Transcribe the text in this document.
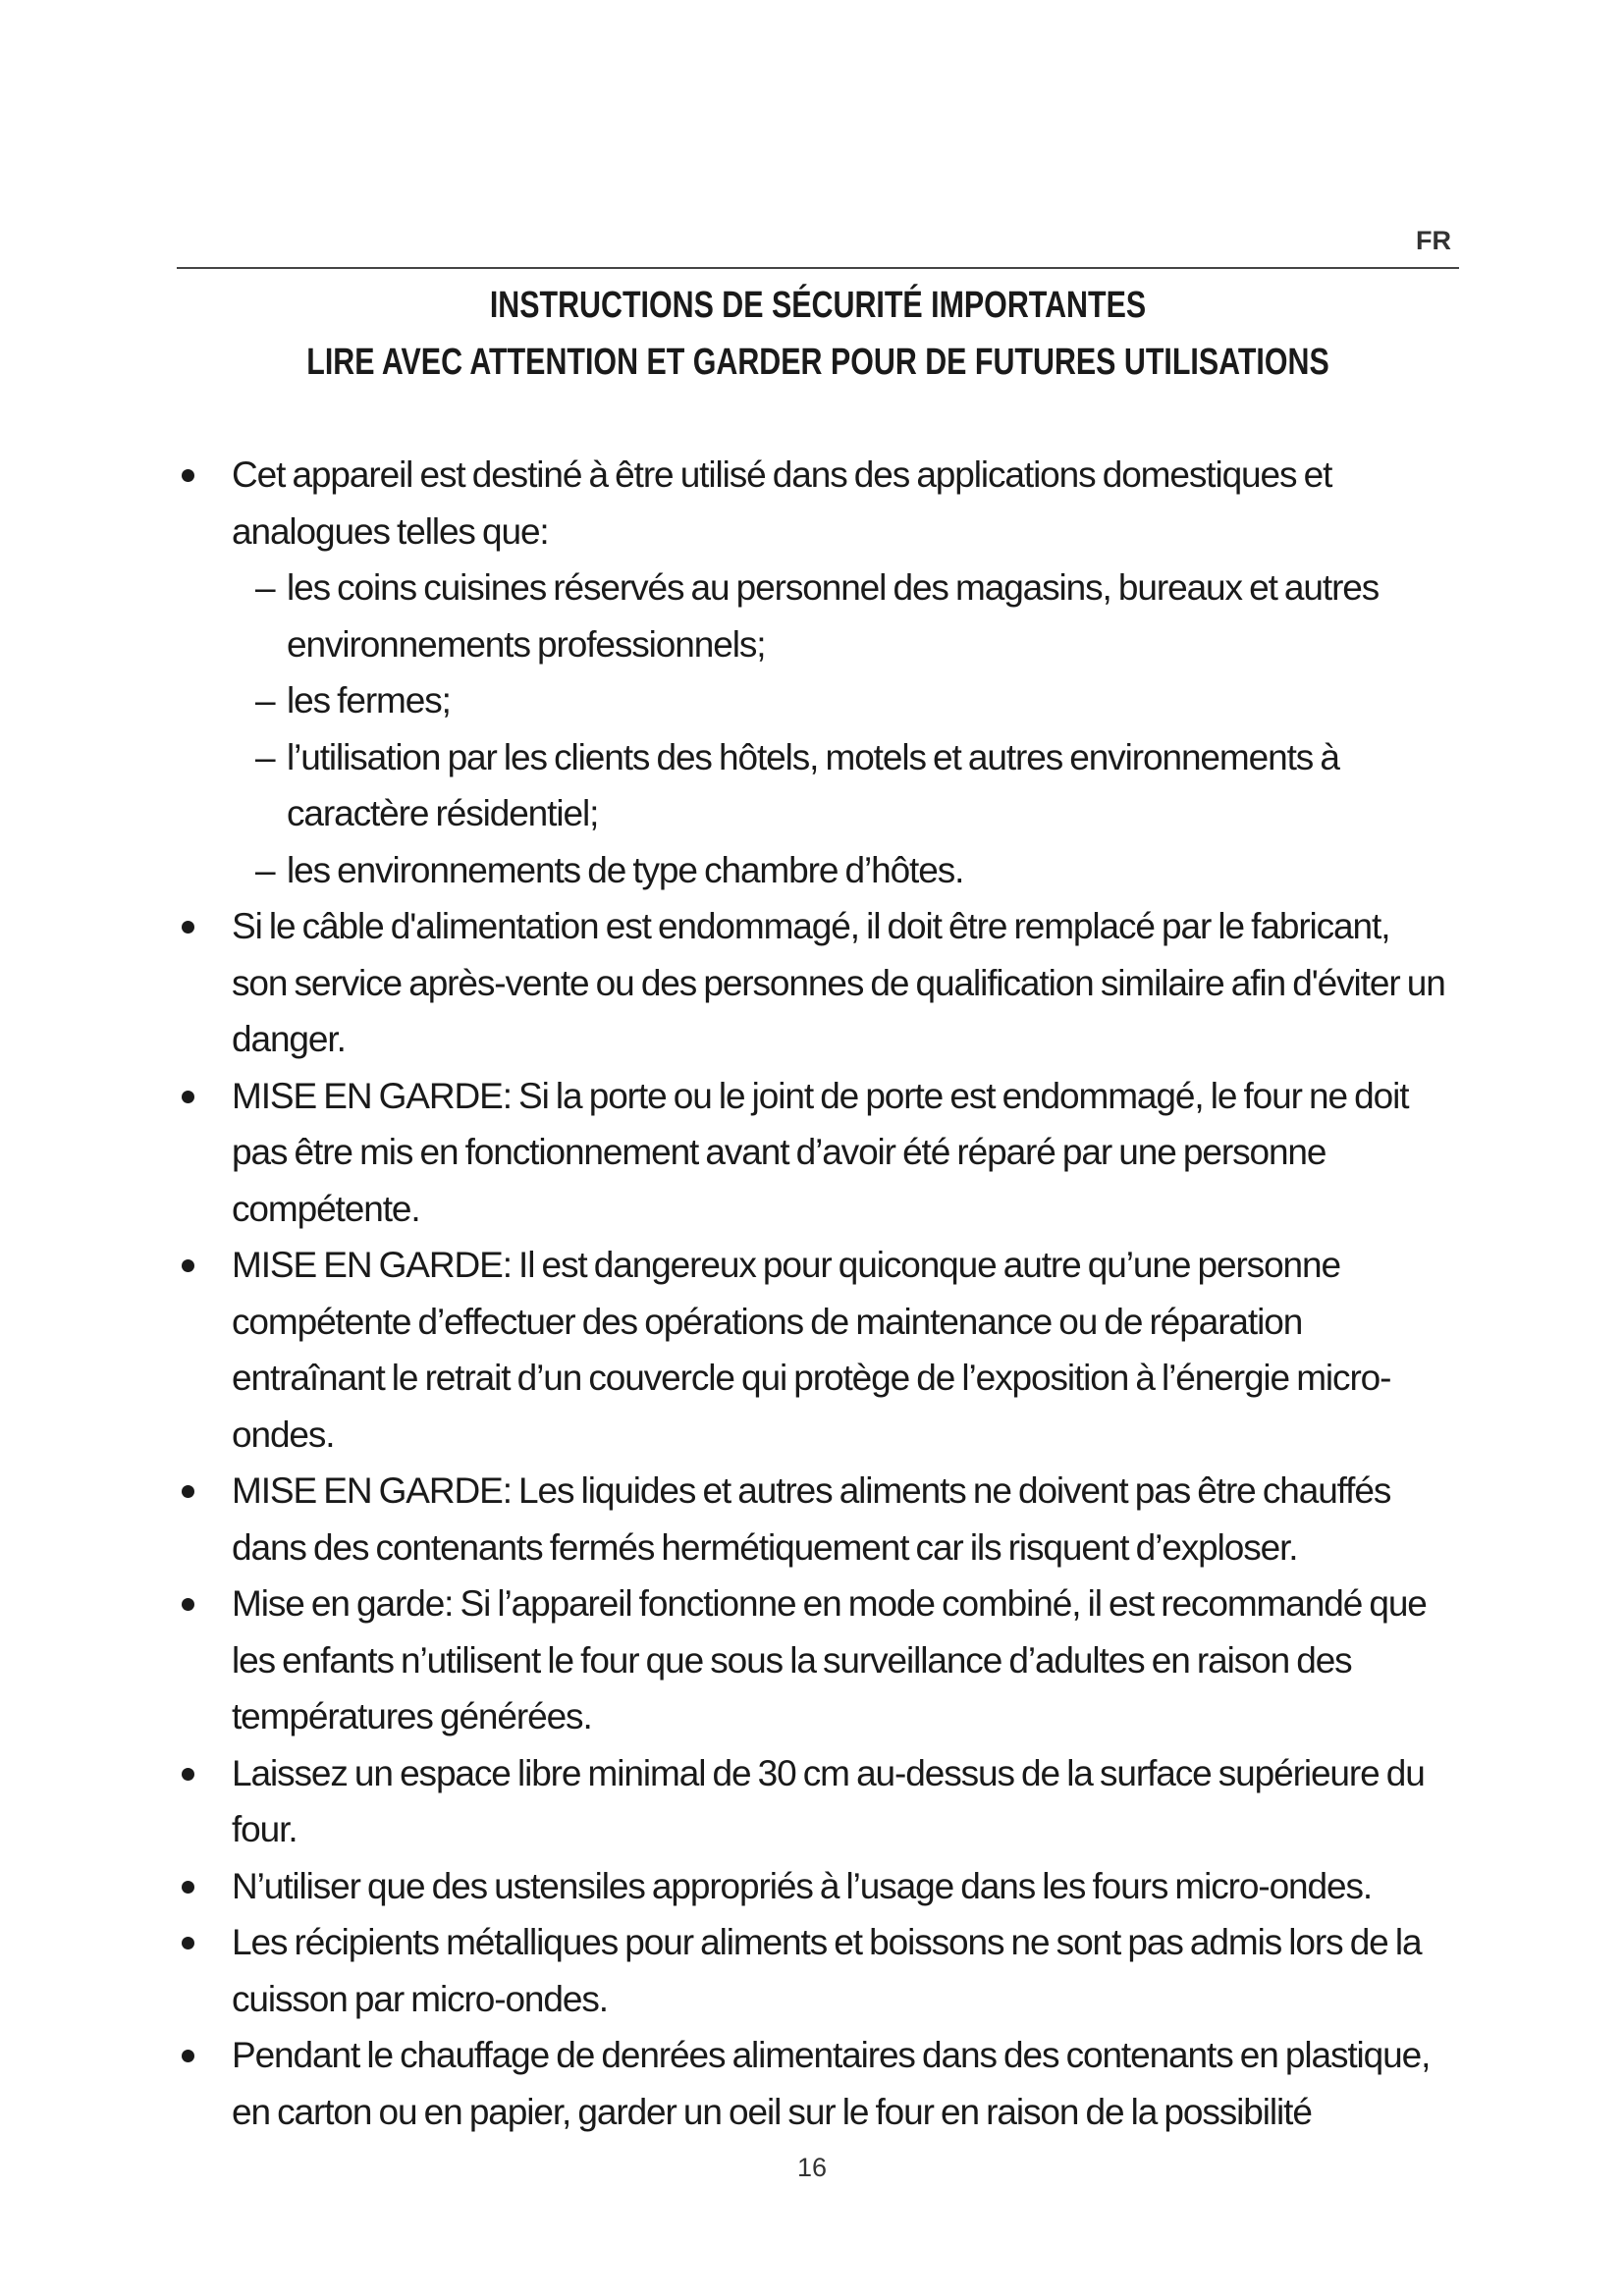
FR

INSTRUCTIONS DE SÉCURITÉ IMPORTANTES

LIRE AVEC ATTENTION ET GARDER POUR DE FUTURES UTILISATIONS

Cet appareil est destiné à être utilisé dans des applications domestiques et analogues telles que:
– les coins cuisines réservés au personnel des magasins, bureaux et autres environnements professionnels;
– les fermes;
– l’utilisation par les clients des hôtels, motels et autres environnements à caractère résidentiel;
– les environnements de type chambre d’hôtes.
Si le câble d'alimentation est endommagé, il doit être remplacé par le fabricant, son service après-vente ou des personnes de qualification similaire afin d'éviter un danger.
MISE EN GARDE: Si la porte ou le joint de porte est endommagé, le four ne doit pas être mis en fonctionnement avant d’avoir été réparé par une personne compétente.
MISE EN GARDE: Il est dangereux pour quiconque autre qu’une personne compétente d’effectuer des opérations de maintenance ou de réparation entraînant le retrait d’un couvercle qui protège de l’exposition à l’énergie micro-ondes.
MISE EN GARDE: Les liquides et autres aliments ne doivent pas être chauffés dans des contenants fermés hermétiquement car ils risquent d’exploser.
Mise en garde: Si l’appareil fonctionne en mode combiné, il est recommandé que les enfants n’utilisent le four que sous la surveillance d’adultes en raison des températures générées.
Laissez un espace libre minimal de 30 cm au-dessus de la surface supérieure du four.
N’utiliser que des ustensiles appropriés à l’usage dans les fours micro-ondes.
Les récipients métalliques pour aliments et boissons ne sont pas admis lors de la cuisson par micro-ondes.
Pendant le chauffage de denrées alimentaires dans des contenants en plastique, en carton ou en papier, garder un oeil sur le four en raison de la possibilité
16
